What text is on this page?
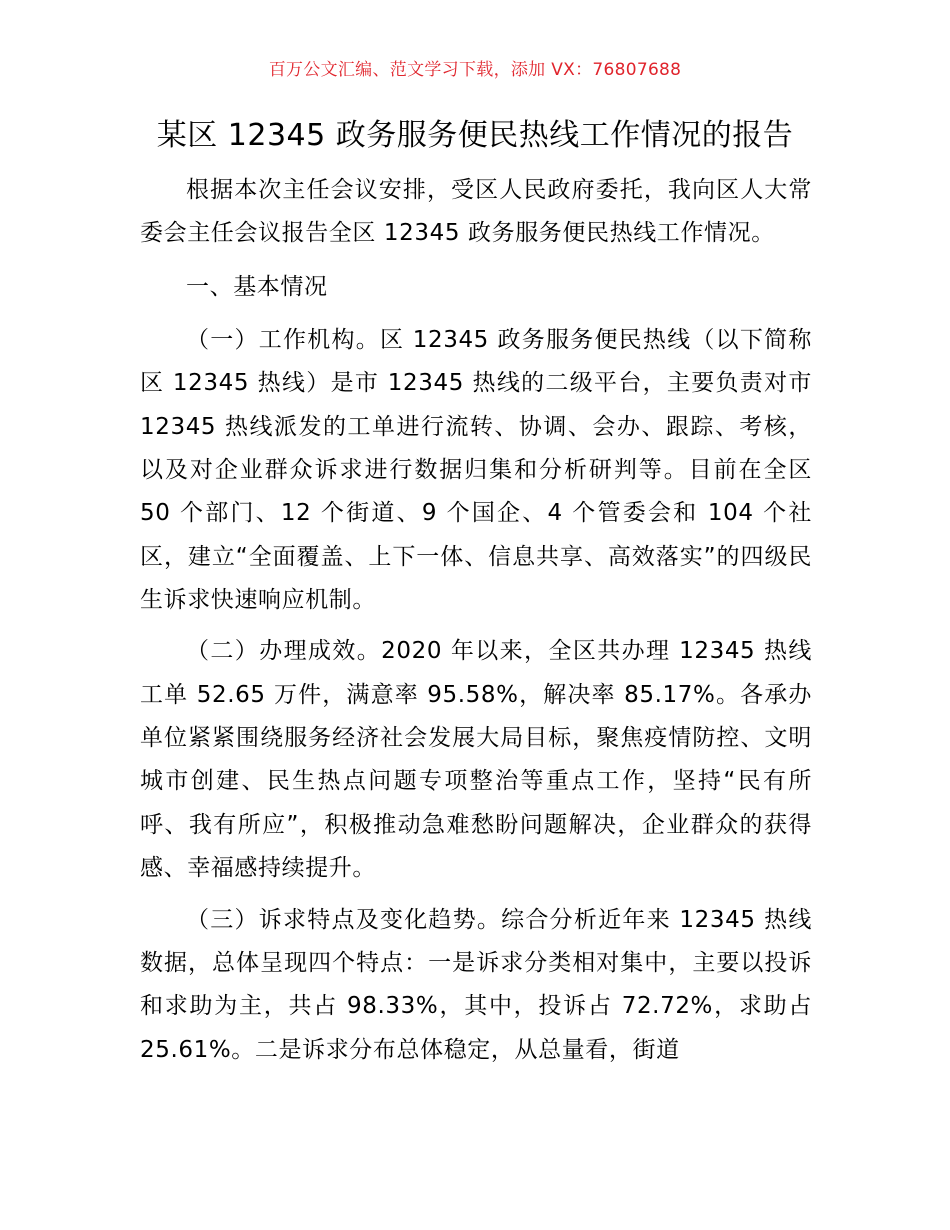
百万公文汇编、范文学习下载，添加 VX：76807688
某区 12345 政务服务便民热线工作情况的报告

根据本次主任会议安排，受区人民政府委托，我向区人大常委会主任会议报告全区 12345 政务服务便民热线工作情况。

一、基本情况

（一）工作机构。区 12345 政务服务便民热线（以下简称区 12345 热线）是市 12345 热线的二级平台，主要负责对市 12345 热线派发的工单进行流转、协调、会办、跟踪、考核，以及对企业群众诉求进行数据归集和分析研判等。目前在全区 50 个部门、12 个街道、9 个国企、4 个管委会和 104 个社区，建立“全面覆盖、上下一体、信息共享、高效落实”的四级民生诉求快速响应机制。

（二）办理成效。2020 年以来，全区共办理 12345 热线工单 52.65 万件，满意率 95.58%，解决率 85.17%。各承办单位紧紧围绕服务经济社会发展大局目标，聚焦疫情防控、文明城市创建、民生热点问题专项整治等重点工作，坚持“民有所呼、我有所应”，积极推动急难愁盼问题解决，企业群众的获得感、幸福感持续提升。

（三）诉求特点及变化趋势。综合分析近年来 12345 热线数据，总体呈现四个特点：一是诉求分类相对集中，主要以投诉和求助为主，共占 98.33%，其中，投诉占 72.72%，求助占 25.61%。二是诉求分布总体稳定，从总量看，街道
